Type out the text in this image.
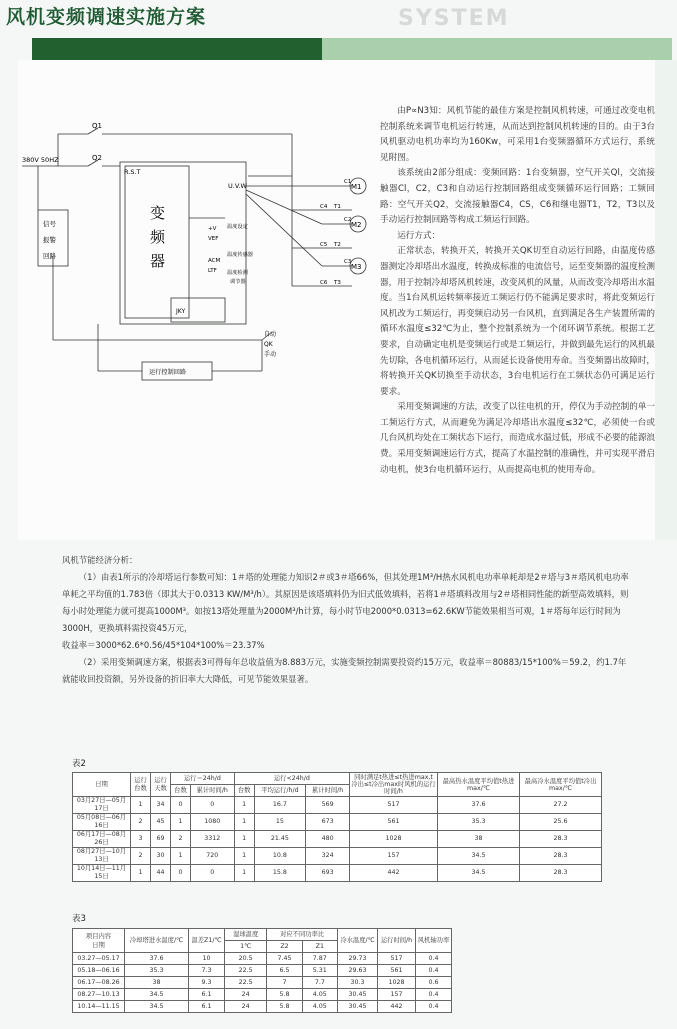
风机变频调速实施方案	SYSTEM
Q1
380V 50HZ	Q2
R.S.T
U.V.W
变
频
器
信号
报警
回路
+V
VEF
ACM
LTF
JKY
温度设定
温度传感器
温度检测
调节器
C1
C2
C3
C4
C5
C6
T1
T2
T3
M1
M2
M3
自动
QK
手动
运行控制回路

由P∝N3知：风机节能的最佳方案是控制风机转速，可通过改变电机控制系统来调节电机运行转速，从而达到控制风机转速的目的。由于3台风机驱动电机功率均为160Kw，可采用1台变频器循环方式运行，系统见附图。

该系统由2部分组成：变频回路：1台变频器，空气开关Ql，交流接触器Cl，C2，C3和自动运行控制回路组成变频循环运行回路；工频回路：空气开关Q2，交流接触器C4，CS，C6和继电器T1，T2，T3以及手动运行控制回路等构成工频运行回路。

运行方式：

正常状态，转换开关，转换开关QK切至自动运行回路，由温度传感器测定冷却塔出水温度，转换成标准的电流信号，运至变频器的温度检测器，用于控制冷却塔风机转速，改变风机的风量，从而改变冷却塔出水温度。当1台风机运转频率接近工频运行仍不能满足要求时，将此变频运行风机改为工频运行，再变频启动另一台风机，直到满足各生产装置所需的循环水温度≤32℃为止，整个控制系统为一个闭环调节系统。根据工艺要求，自动确定电机是变频运行或是工频运行，并做到最先运行的风机最先切除，各电机循环运行，从而延长设备使用寿命。当变频器出故障时，将转换开关QK切换至手动状态，3台电机运行在工频状态仍可满足运行要求。

采用变频调速的方法，改变了以往电机的开，停仅为手动控制的单一工频运行方式，从而避免为满足冷却塔出水温度≤32℃，必须使一台或几台风机均处在工频状态下运行，而造成水温过低，形成不必要的能源浪费。采用变频调速运行方式，提高了水温控制的准确性，并可实现平滑启动电机，使3台电机循环运行，从而提高电机的使用寿命。

风机节能经济分析：

（1）由表1所示的冷却塔运行参数可知：1＃塔的处理能力知识2＃或3＃塔66%，但其处理1M³/H热水风机电功率单耗却是2＃塔与3＃塔风机电功率单耗之平均值的1.783倍（即其大于0.0313 KW/M³/h）。其原因是该塔填料仍为旧式低效填料，若将1＃塔填料改用与2＃塔相同性能的新型高效填料，则每小时处理能力就可提高1000M³。如按13塔处理量为2000M³/h计算，每小时节电2000*0.0313=62.6KW节能效果相当可观，1＃塔每年运行时间为3000H，更换填料需投资45万元，

收益率＝3000*62.6*0.56/45*104*100%＝23.37%

（2）采用变频调速方案，根据表3可得每年总收益值为8.883万元，实施变频控制需要投资约15万元，收益率＝80883/15*100%＝59.2，约1.7年就能收回投资额，另外设备的折旧率大大降低，可见节能效果显著。

表2
日期	运行台数	运行天数	运行＝24h/d		运行<24h/d			同时满足t热进≤t热进max,t冷出≤t冷出max时风机的运行时间/h	最高热水温度平均值t热进max/℃	最高冷水温度平均值t冷出max/℃
			台数	累计时间/h	台数	平均运行/h/d	累计时间/h			
03月27日—05月17日	1	34	0	0	1	16.7	569	517	37.6	27.2
05月08日—06月16日	2	45	1	1080	1	15	673	561	35.3	25.6
06月17日—08月26日	3	69	2	3312	1	21.45	480	1028	38	28.3
08月27日—10月13日	2	30	1	720	1	10.8	324	157	34.5	28.3
10月14日—11月15日	1	44	0	0	1	15.8	693	442	34.5	28.3
表3
项目内容
日期	冷却塔进水温度/℃	温差Z1/℃	湿球温度	对应不同功率比		冷水温度/℃	运行时间/h	风机轴功率
			1℃	Z2	Z1			
03.27—05.17	37.6	10	20.5	7.45	7.87	29.73	517	0.4
05.18—06.16	35.3	7.3	22.5	6.5	5.31	29.63	561	0.4
06.17—08.26	38	9.3	22.5	7	7.7	30.3	1028	0.6
08.27—10.13	34.5	6.1	24	5.8	4.05	30.45	157	0.4
10.14—11.15	34.5	6.1	24	5.8	4.05	30.45	442	0.4
